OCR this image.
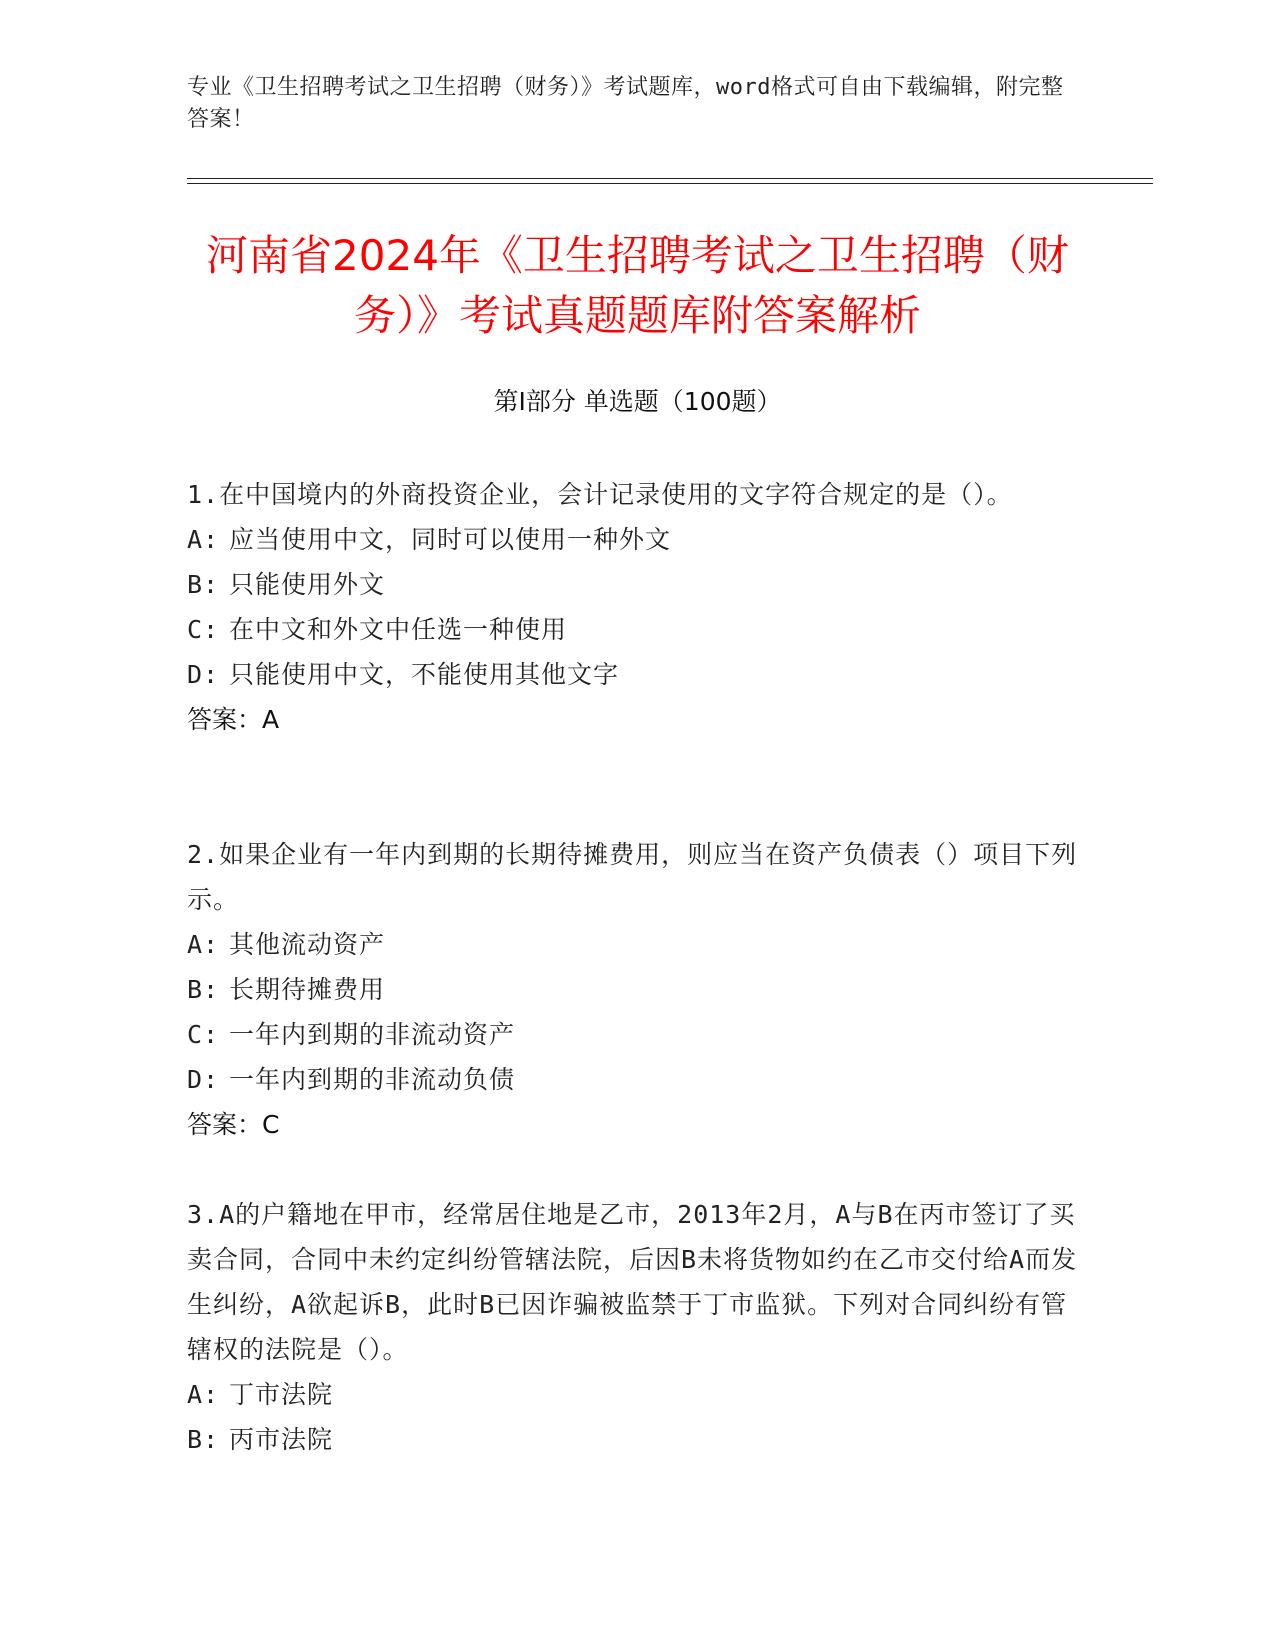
专业《卫生招聘考试之卫生招聘（财务）》考试题库，word格式可自由下载编辑，附完整答案！
河南省2024年《卫生招聘考试之卫生招聘（财务）》考试真题题库附答案解析
第Ⅰ部分 单选题（100题）
1.在中国境内的外商投资企业，会计记录使用的文字符合规定的是（）。
A: 应当使用中文，同时可以使用一种外文
B: 只能使用外文
C: 在中文和外文中任选一种使用
D: 只能使用中文，不能使用其他文字
答案：A
2.如果企业有一年内到期的长期待摊费用，则应当在资产负债表（）项目下列示。
A: 其他流动资产
B: 长期待摊费用
C: 一年内到期的非流动资产
D: 一年内到期的非流动负债
答案：C
3.A的户籍地在甲市，经常居住地是乙市，2013年2月，A与B在丙市签订了买卖合同，合同中未约定纠纷管辖法院，后因B未将货物如约在乙市交付给A而发生纠纷，A欲起诉B，此时B已因诈骗被监禁于丁市监狱。下列对合同纠纷有管辖权的法院是（）。
A: 丁市法院
B: 丙市法院
